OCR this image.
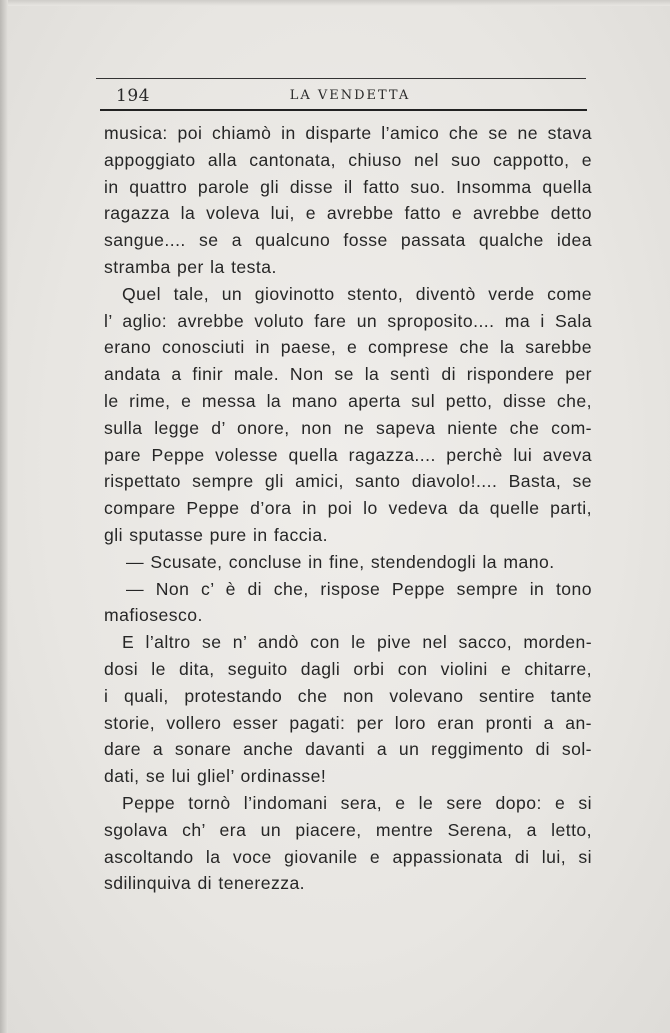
194	LA VENDETTA
musica: poi chiamò in disparte l’amico che se ne stava
appoggiato alla cantonata, chiuso nel suo cappotto, e
in quattro parole gli disse il fatto suo. Insomma quella
ragazza la voleva lui, e avrebbe fatto e avrebbe detto
sangue.... se a qualcuno fosse passata qualche idea
stramba per la testa.
Quel tale, un giovinotto stento, diventò verde come
l’ aglio: avrebbe voluto fare un sproposito.... ma i Sala
erano conosciuti in paese, e comprese che la sarebbe
andata a finir male. Non se la sentì di rispondere per
le rime, e messa la mano aperta sul petto, disse che,
sulla legge d’ onore, non ne sapeva niente che com-
pare Peppe volesse quella ragazza.... perchè lui aveva
rispettato sempre gli amici, santo diavolo!.... Basta, se
compare Peppe d’ora in poi lo vedeva da quelle parti,
gli sputasse pure in faccia.
— Scusate, concluse in fine, stendendogli la mano.
— Non c’ è di che, rispose Peppe sempre in tono
mafiosesco.
E l’altro se n’ andò con le pive nel sacco, morden-
dosi le dita, seguito dagli orbi con violini e chitarre,
i quali, protestando che non volevano sentire tante
storie, vollero esser pagati: per loro eran pronti a an-
dare a sonare anche davanti a un reggimento di sol-
dati, se lui gliel’ ordinasse!
Peppe tornò l’indomani sera, e le sere dopo: e si
sgolava ch’ era un piacere, mentre Serena, a letto,
ascoltando la voce giovanile e appassionata di lui, si
sdilinquiva di tenerezza.
